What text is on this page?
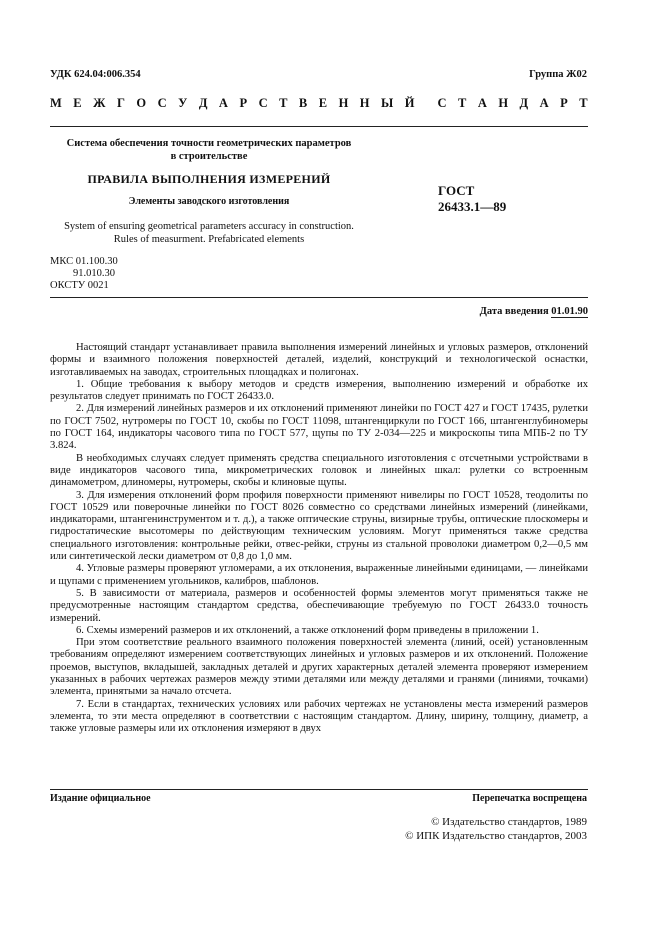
УДК 624.04:006.354	Группа Ж02
М Е Ж Г О С У Д А Р С Т В Е Н Н Ы Й С Т А Н Д А Р Т
Система обеспечения точности геометрических параметров
в строительстве
ПРАВИЛА ВЫПОЛНЕНИЯ ИЗМЕРЕНИЙ
Элементы заводского изготовления
ГОСТ
26433.1—89
System of ensuring geometrical parameters accuracy in construction.
Rules of measurment. Prefabricated elements
МКС 01.100.30
91.010.30
ОКСТУ 0021
Дата введения 01.01.90

Настоящий стандарт устанавливает правила выполнения измерений линейных и угловых размеров, отклонений формы и взаимного положения поверхностей деталей, изделий, конструкций и технологической оснастки, изготавливаемых на заводах, строительных площадках и полигонах.

1. Общие требования к выбору методов и средств измерения, выполнению измерений и обработке их результатов следует принимать по ГОСТ 26433.0.

2. Для измерений линейных размеров и их отклонений применяют линейки по ГОСТ 427 и ГОСТ 17435, рулетки по ГОСТ 7502, нутромеры по ГОСТ 10, скобы по ГОСТ 11098, штангенциркули по ГОСТ 166, штангенглубиномеры по ГОСТ 164, индикаторы часового типа по ГОСТ 577, щупы по ТУ 2-034—225 и микроскопы типа МПБ-2 по ТУ 3.824.

В необходимых случаях следует применять средства специального изготовления с отсчетными устройствами в виде индикаторов часового типа, микрометрических головок и линейных шкал: рулетки со встроенным динамометром, длиномеры, нутромеры, скобы и клиновые щупы.

3. Для измерения отклонений форм профиля поверхности применяют нивелиры по ГОСТ 10528, теодолиты по ГОСТ 10529 или поверочные линейки по ГОСТ 8026 совместно со средствами линейных измерений (линейками, индикаторами, штангенинструментом и т. д.), а также оптические струны, визирные трубы, оптические плоскомеры и гидростатические высотомеры по действующим техническим условиям. Могут применяться также средства специального изготовления: контрольные рейки, отвес-рейки, струны из стальной проволоки диаметром 0,2—0,5 мм или синтетической лески диаметром от 0,8 до 1,0 мм.

4. Угловые размеры проверяют угломерами, а их отклонения, выраженные линейными единицами, — линейками и щупами с применением угольников, калибров, шаблонов.

5. В зависимости от материала, размеров и особенностей формы элементов могут применяться также не предусмотренные настоящим стандартом средства, обеспечивающие требуемую по ГОСТ 26433.0 точность измерений.

6. Схемы измерений размеров и их отклонений, а также отклонений форм приведены в приложении 1.

При этом соответствие реального взаимного положения поверхностей элемента (линий, осей) установленным требованиям определяют измерением соответствующих линейных и угловых размеров и их отклонений. Положение проемов, выступов, вкладышей, закладных деталей и других характерных деталей элемента проверяют измерением указанных в рабочих чертежах размеров между этими деталями или между деталями и гранями (линиями, точками) элемента, принятыми за начало отсчета.

7. Если в стандартах, технических условиях или рабочих чертежах не установлены места измерений размеров элемента, то эти места определяют в соответствии с настоящим стандартом. Длину, ширину, толщину, диаметр, а также угловые размеры или их отклонения измеряют в двух

Издание официальное	Перепечатка воспрещена
© Издательство стандартов, 1989
© ИПК Издательство стандартов, 2003
